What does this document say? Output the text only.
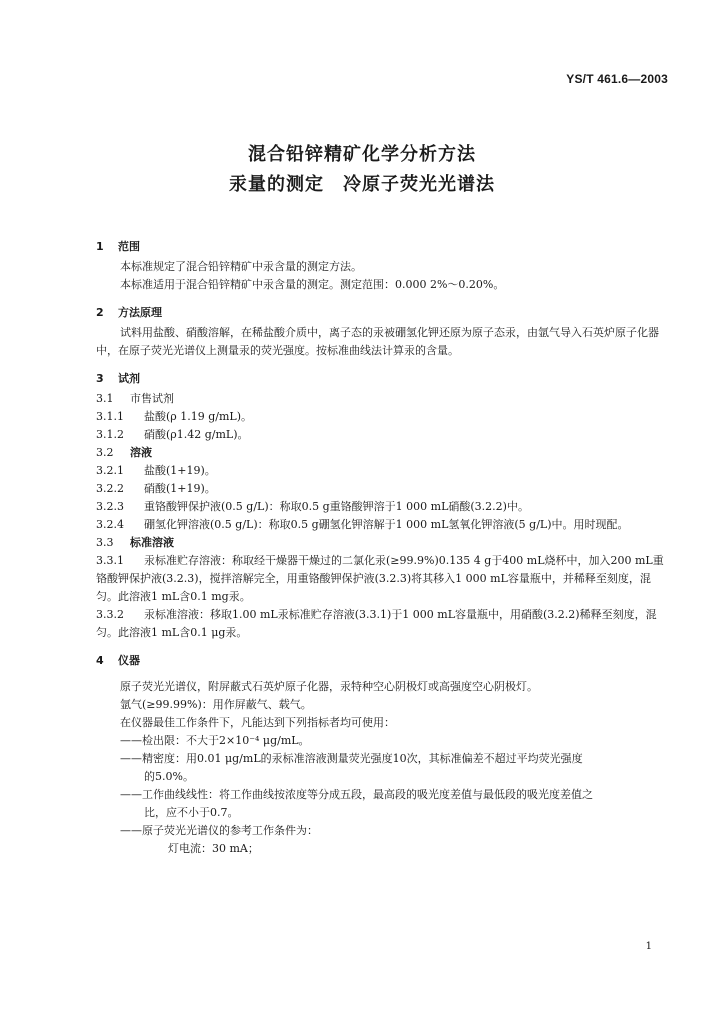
YS/T 461.6—2003
混合铅锌精矿化学分析方法
汞量的测定　冷原子荧光光谱法
1 范围

本标准规定了混合铅锌精矿中汞含量的测定方法。

本标准适用于混合铅锌精矿中汞含量的测定。测定范围：0.000 2%～0.20%。

2 方法原理

试料用盐酸、硝酸溶解，在稀盐酸介质中，离子态的汞被硼氢化钾还原为原子态汞，由氩气导入石英炉原子化器中，在原子荧光光谱仪上测量汞的荧光强度。按标准曲线法计算汞的含量。

3 试剂

3.1 市售试剂

3.1.1 盐酸(ρ 1.19 g/mL)。

3.1.2 硝酸(ρ1.42 g/mL)。

3.2 溶液

3.2.1 盐酸(1+19)。

3.2.2 硝酸(1+19)。

3.2.3 重铬酸钾保护液(0.5 g/L)：称取0.5 g重铬酸钾溶于1 000 mL硝酸(3.2.2)中。

3.2.4 硼氢化钾溶液(0.5 g/L)：称取0.5 g硼氢化钾溶解于1 000 mL氢氧化钾溶液(5 g/L)中。用时现配。

3.3 标准溶液

3.3.1 汞标准贮存溶液：称取经干燥器干燥过的二氯化汞(≥99.9%)0.135 4 g于400 mL烧杯中，加入200 mL重铬酸钾保护液(3.2.3)，搅拌溶解完全，用重铬酸钾保护液(3.2.3)将其移入1 000 mL容量瓶中，并稀释至刻度，混匀。此溶液1 mL含0.1 mg汞。

3.3.2 汞标准溶液：移取1.00 mL汞标准贮存溶液(3.3.1)于1 000 mL容量瓶中，用硝酸(3.2.2)稀释至刻度，混匀。此溶液1 mL含0.1 μg汞。

4 仪器

原子荧光光谱仪，附屏蔽式石英炉原子化器，汞特种空心阴极灯或高强度空心阴极灯。

氩气(≥99.99%)：用作屏蔽气、载气。

在仪器最佳工作条件下，凡能达到下列指标者均可使用：

——检出限：不大于2×10⁻⁴ μg/mL。

——精密度：用0.01 μg/mL的汞标准溶液测量荧光强度10次，其标准偏差不超过平均荧光强度

的5.0%。

——工作曲线线性：将工作曲线按浓度等分成五段，最高段的吸光度差值与最低段的吸光度差值之

比，应不小于0.7。

——原子荧光光谱仪的参考工作条件为：

灯电流：30 mA；

1
